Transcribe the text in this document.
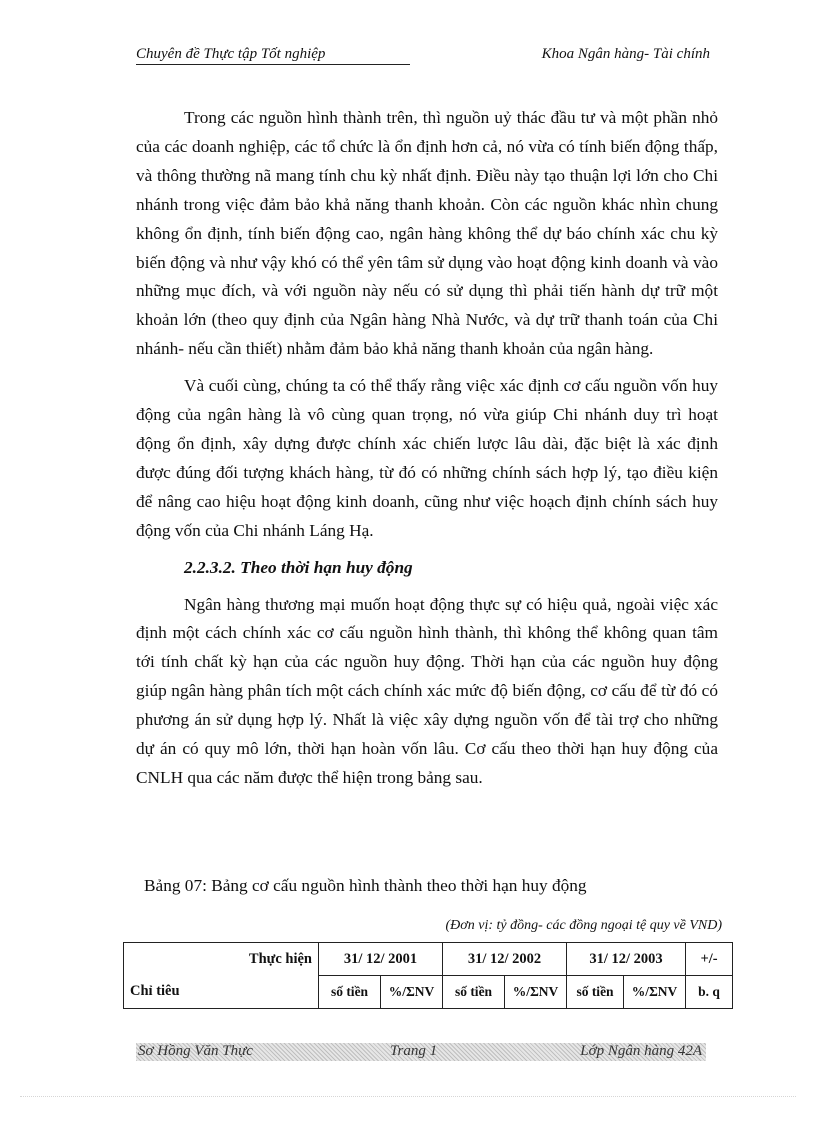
Chuyên đề Thực tập Tốt nghiệp	Khoa Ngân hàng- Tài chính

Trong các nguồn hình thành trên, thì nguồn uỷ thác đầu tư và một phần nhỏ của các doanh nghiệp, các tổ chức là ổn định hơn cả, nó vừa có tính biến động thấp, và thông thường nã mang tính chu kỳ nhất định. Điều này tạo thuận lợi lớn cho Chi nhánh trong việc đảm bảo khả năng thanh khoản. Còn các nguồn khác nhìn chung không ổn định, tính biến động cao, ngân hàng không thể dự báo chính xác chu kỳ biến động và như vậy khó có thể yên tâm sử dụng vào hoạt động kinh doanh và vào những mục đích, và với nguồn này nếu có sử dụng thì phải tiến hành dự trữ một khoản lớn (theo quy định của Ngân hàng Nhà Nước, và dự trữ thanh toán của Chi nhánh- nếu cần thiết) nhằm đảm bảo khả năng thanh khoản của ngân hàng.

Và cuối cùng, chúng ta có thể thấy rằng việc xác định cơ cấu nguồn vốn huy động của ngân hàng là vô cùng quan trọng, nó vừa giúp Chi nhánh duy trì hoạt động ổn định, xây dựng được chính xác chiến lược lâu dài, đặc biệt là xác định được đúng đối tượng khách hàng, từ đó có những chính sách hợp lý, tạo điều kiện để nâng cao hiệu hoạt động kinh doanh, cũng như việc hoạch định chính sách huy động vốn của Chi nhánh Láng Hạ.

2.2.3.2. Theo thời hạn huy động

Ngân hàng thương mại muốn hoạt động thực sự có hiệu quả, ngoài việc xác định một cách chính xác cơ cấu nguồn hình thành, thì không thể không quan tâm tới tính chất kỳ hạn của các nguồn huy động. Thời hạn của các nguồn huy động giúp ngân hàng phân tích một cách chính xác mức độ biến động, cơ cấu để từ đó có phương án sử dụng hợp lý. Nhất là việc xây dựng nguồn vốn để tài trợ cho những dự án có quy mô lớn, thời hạn hoàn vốn lâu. Cơ cấu theo thời hạn huy động của CNLH qua các năm được thể hiện trong bảng sau.

Bảng 07: Bảng cơ cấu nguồn hình thành theo thời hạn huy động
(Đơn vị: tỷ đồng- các đồng ngoại tệ quy về VND)
Thực hiện
Chỉ tiêu	31/ 12/ 2001		31/ 12/ 2002		31/ 12/ 2003		+/-
	số tiền	%/ΣNV	số tiền	%/ΣNV	số tiền	%/ΣNV	b. q
Sơ Hồng Văn Thực	Trang 1	Lớp Ngân hàng 42A
